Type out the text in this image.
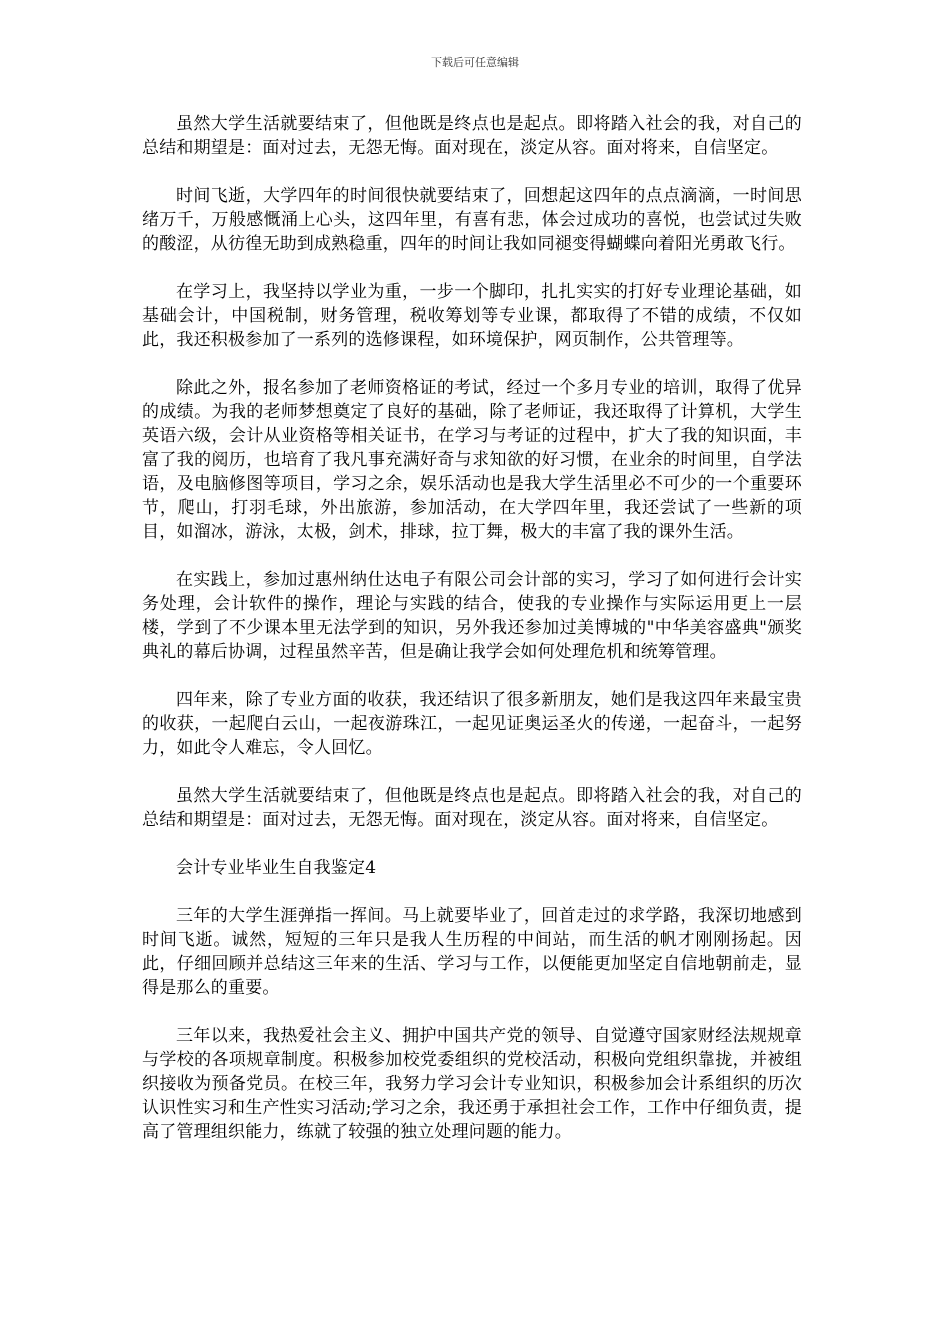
下载后可任意编辑

虽然大学生活就要结束了，但他既是终点也是起点。即将踏入社会的我，对自己的总结和期望是：面对过去，无怨无悔。面对现在，淡定从容。面对将来，自信坚定。

时间飞逝，大学四年的时间很快就要结束了，回想起这四年的点点滴滴，一时间思绪万千，万般感慨涌上心头，这四年里，有喜有悲，体会过成功的喜悦，也尝试过失败的酸涩，从彷徨无助到成熟稳重，四年的时间让我如同褪变得蝴蝶向着阳光勇敢飞行。

在学习上，我坚持以学业为重，一步一个脚印，扎扎实实的打好专业理论基础，如基础会计，中国税制，财务管理，税收筹划等专业课，都取得了不错的成绩，不仅如此，我还积极参加了一系列的选修课程，如环境保护，网页制作，公共管理等。

除此之外，报名参加了老师资格证的考试，经过一个多月专业的培训，取得了优异的成绩。为我的老师梦想奠定了良好的基础，除了老师证，我还取得了计算机，大学生英语六级，会计从业资格等相关证书，在学习与考证的过程中，扩大了我的知识面，丰富了我的阅历，也培育了我凡事充满好奇与求知欲的好习惯，在业余的时间里，自学法语，及电脑修图等项目，学习之余，娱乐活动也是我大学生活里必不可少的一个重要环节，爬山，打羽毛球，外出旅游，参加活动，在大学四年里，我还尝试了一些新的项目，如溜冰，游泳，太极，剑术，排球，拉丁舞，极大的丰富了我的课外生活。

在实践上，参加过惠州纳仕达电子有限公司会计部的实习，学习了如何进行会计实务处理，会计软件的操作，理论与实践的结合，使我的专业操作与实际运用更上一层楼，学到了不少课本里无法学到的知识，另外我还参加过美博城的"中华美容盛典"颁奖典礼的幕后协调，过程虽然辛苦，但是确让我学会如何处理危机和统筹管理。

四年来，除了专业方面的收获，我还结识了很多新朋友，她们是我这四年来最宝贵的收获，一起爬白云山，一起夜游珠江，一起见证奥运圣火的传递，一起奋斗，一起努力，如此令人难忘，令人回忆。

虽然大学生活就要结束了，但他既是终点也是起点。即将踏入社会的我，对自己的总结和期望是：面对过去，无怨无悔。面对现在，淡定从容。面对将来，自信坚定。

会计专业毕业生自我鉴定4

三年的大学生涯弹指一挥间。马上就要毕业了，回首走过的求学路，我深切地感到时间飞逝。诚然，短短的三年只是我人生历程的中间站，而生活的帆才刚刚扬起。因此，仔细回顾并总结这三年来的生活、学习与工作，以便能更加坚定自信地朝前走，显得是那么的重要。

三年以来，我热爱社会主义、拥护中国共产党的领导、自觉遵守国家财经法规规章与学校的各项规章制度。积极参加校党委组织的党校活动，积极向党组织靠拢，并被组织接收为预备党员。在校三年，我努力学习会计专业知识，积极参加会计系组织的历次认识性实习和生产性实习活动;学习之余，我还勇于承担社会工作，工作中仔细负责，提高了管理组织能力，练就了较强的独立处理问题的能力。
